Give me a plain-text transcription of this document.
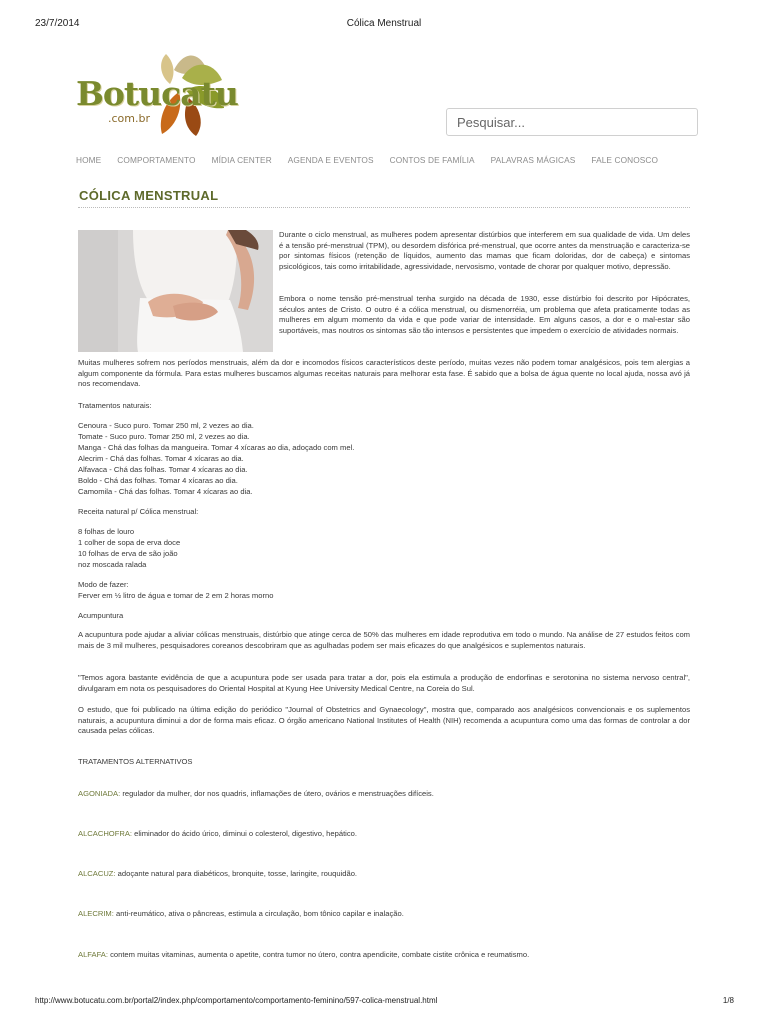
23/7/2014	Cólica Menstrual
Botucatu
.com.br
Pesquisar...
HOME COMPORTAMENTO MÍDIA CENTER AGENDA E EVENTOS CONTOS DE FAMÍLIA PALAVRAS MÁGICAS FALE CONOSCO
CÓLICA MENSTRUAL

Durante o ciclo menstrual, as mulheres podem apresentar distúrbios que interferem em sua qualidade de vida. Um deles é a tensão pré-menstrual (TPM), ou desordem disfórica pré-menstrual, que ocorre antes da menstruação e caracteriza-se por sintomas físicos (retenção de líquidos, aumento das mamas que ficam doloridas, dor de cabeça) e sintomas psicológicos, tais como irritabilidade, agressividade, nervosismo, vontade de chorar por qualquer motivo, depressão.

Embora o nome tensão pré-menstrual tenha surgido na década de 1930, esse distúrbio foi descrito por Hipócrates, séculos antes de Cristo. O outro é a cólica menstrual, ou dismenorréia, um problema que afeta praticamente todas as mulheres em algum momento da vida e que pode variar de intensidade. Em alguns casos, a dor e o mal-estar são suportáveis, mas noutros os sintomas são tão intensos e persistentes que impedem o exercício de atividades normais.

Muitas mulheres sofrem nos períodos menstruais, além da dor e incomodos físicos característicos deste período, muitas vezes não podem tomar analgésicos, pois tem alergias a algum componente da fórmula. Para estas mulheres buscamos algumas receitas naturais para melhorar esta fase. É sabido que a bolsa de água quente no local ajuda, nossa avó já nos recomendava.

Tratamentos naturais:

Cenoura - Suco puro. Tomar 250 ml, 2 vezes ao dia.

Tomate - Suco puro. Tomar 250 ml, 2 vezes ao dia.

Manga - Chá das folhas da mangueira. Tomar 4 xícaras ao dia, adoçado com mel.

Alecrim - Chá das folhas. Tomar 4 xícaras ao dia.

Alfavaca - Chá das folhas. Tomar 4 xícaras ao dia.

Boldo - Chá das folhas. Tomar 4 xícaras ao dia.

Camomila - Chá das folhas. Tomar 4 xícaras ao dia.

Receita natural p/ Cólica menstrual:

8 folhas de louro

1 colher de sopa de erva doce

10 folhas de erva de são joão

noz moscada ralada

Modo de fazer:

Ferver em ½ litro de água e tomar de 2 em 2 horas morno

Acumpuntura

A acupuntura pode ajudar a aliviar cólicas menstruais, distúrbio que atinge cerca de 50% das mulheres em idade reprodutiva em todo o mundo. Na análise de 27 estudos feitos com mais de 3 mil mulheres, pesquisadores coreanos descobriram que as agulhadas podem ser mais eficazes do que analgésicos e suplementos naturais.

"Temos agora bastante evidência de que a acupuntura pode ser usada para tratar a dor, pois ela estimula a produção de endorfinas e serotonina no sistema nervoso central", divulgaram em nota os pesquisadores do Oriental Hospital at Kyung Hee University Medical Centre, na Coreia do Sul.

O estudo, que foi publicado na última edição do periódico "Journal of Obstetrics and Gynaecology", mostra que, comparado aos analgésicos convencionais e os suplementos naturais, a acupuntura diminui a dor de forma mais eficaz. O órgão americano National Institutes of Health (NIH) recomenda a acupuntura como uma das formas de controlar a dor causada pelas cólicas.

TRATAMENTOS ALTERNATIVOS

AGONIADA: regulador da mulher, dor nos quadris, inflamações de útero, ovários e menstruações difíceis.

ALCACHOFRA: eliminador do ácido úrico, diminui o colesterol, digestivo, hepático.

ALCACUZ: adoçante natural para diabéticos, bronquite, tosse, laringite, rouquidão.

ALECRIM: anti-reumático, ativa o pâncreas, estimula a circulação, bom tônico capilar e inalação.

ALFAFA: contem muitas vitaminas, aumenta o apetite, contra tumor no útero, contra apendicite, combate cistite crônica e reumatismo.

http://www.botucatu.com.br/portal2/index.php/comportamento/comportamento-feminino/597-colica-menstrual.html	1/8
